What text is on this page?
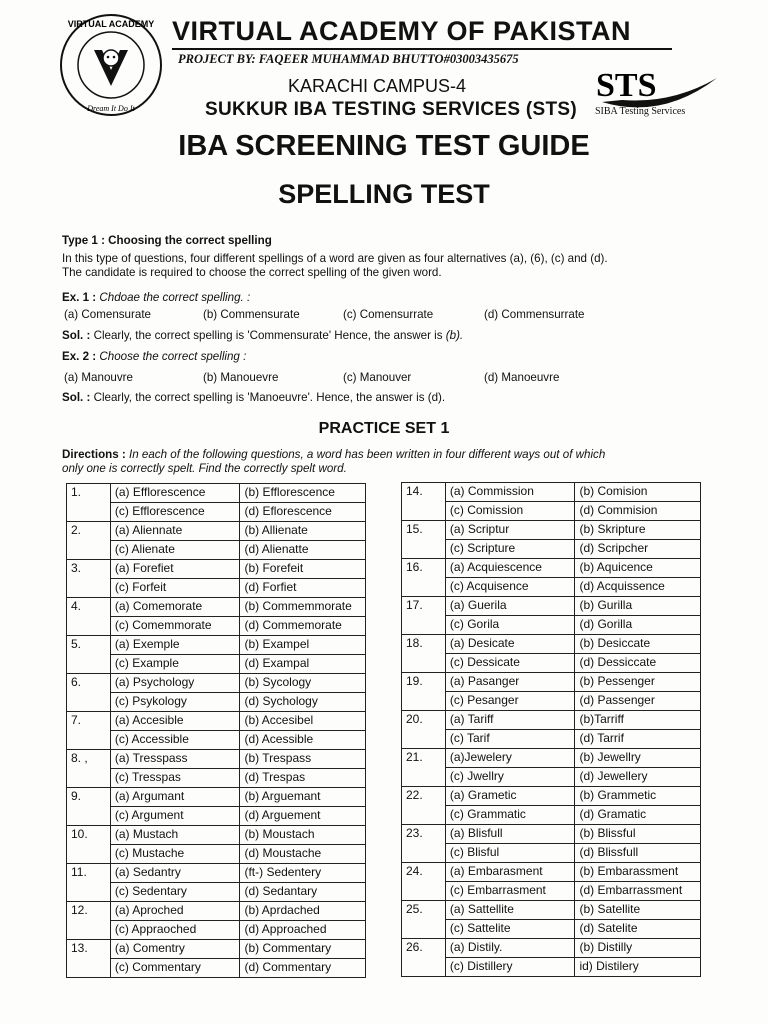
VIRTUAL ACADEMY
Dream It Do It
VIRTUAL ACADEMY OF PAKISTAN
PROJECT BY: FAQEER MUHAMMAD BHUTTO#03003435675
KARACHI CAMPUS-4	STS
SIBA Testing Services
SUKKUR IBA TESTING SERVICES (STS)
IBA SCREENING TEST GUIDE
SPELLING TEST
Type 1 : Choosing the correct spelling
In this type of questions, four different spellings of a word are given as four alternatives (a), (6), (c) and (d).
The candidate is required to choose the correct spelling of the given word.
Ex. 1 : Chdoae the correct spelling. :
(a) Comensurate	(b) Commensurate	(c) Comensurrate	(d) Commensurrate
Sol. : Clearly, the correct spelling is 'Commensurate' Hence, the answer is (b).
Ex. 2 : Choose the correct spelling :
(a) Manouvre	(b) Manouevre	(c) Manouver	(d) Manoeuvre
Sol. : Clearly, the correct spelling is 'Manoeuvre'. Hence, the answer is (d).
PRACTICE SET 1
Directions : In each of the following questions, a word has been written in four different ways out of which
only one is correctly spelt. Find the correctly spelt word.
1.	(a) Efflorescence	(b) Efflorescence
	(c) Efflorescence	(d) Eflorescence
2.	(a) Aliennate	(b) Allienate
	(c) Alienate	(d) Alienatte
3.	(a) Forefiet	(b) Forefeit
	(c) Forfeit	(d) Forfiet
4.	(a) Comemorate	(b) Commemmorate
	(c) Comemmorate	(d) Commemorate
5.	(a) Exemple	(b) Exampel
	(c) Example	(d) Exampal
6.	(a) Psychology	(b) Sycology
	(c) Psykology	(d) Sychology
7.	(a) Accesible	(b) Accesibel
	(c) Accessible	(d) Acessible
8. ,	(a) Tresspass	(b) Trespass
	(c) Tresspas	(d) Trespas
9.	(a) Argumant	(b) Arguemant
	(c) Argument	(d) Arguement
10.	(a) Mustach	(b) Moustach
	(c) Mustache	(d) Moustache
11.	(a) Sedantry	(ft-) Sedentery
	(c) Sedentary	(d) Sedantary
12.	(a) Aproched	(b) Aprdached
	(c) Appraoched	(d) Approached
13.	(a) Comentry	(b) Commentary
	(c) Commentary	(d) Commentary
14.	(a) Commission	(b) Comision
	(c) Comission	(d) Commision
15.	(a) Scriptur	(b) Skripture
	(c) Scripture	(d) Scripcher
16.	(a) Acquiescence	(b) Aquicence
	(c) Acquisence	(d) Acquissence
17.	(a) Guerila	(b) Gurilla
	(c) Gorila	(d) Gorilla
18.	(a) Desicate	(b) Desiccate
	(c) Dessicate	(d) Dessiccate
19.	(a) Pasanger	(b) Pessenger
	(c) Pesanger	(d) Passenger
20.	(a) Tariff	(b)Tarriff
	(c) Tarif	(d) Tarrif
21.	(a)Jewelery	(b) Jewellry
	(c) Jwellry	(d) Jewellery
22.	(a) Grametic	(b) Grammetic
	(c) Grammatic	(d) Gramatic
23.	(a) Blisfull	(b) Blissful
	(c) Blisful	(d) Blissfull
24.	(a) Embarasment	(b) Embarassment
	(c) Embarrasment	(d) Embarrassment
25.	(a) Sattellite	(b) Satellite
	(c) Sattelite	(d) Satelite
26.	(a) Distily.	(b) Distilly
	(c) Distillery	id) Distilery
